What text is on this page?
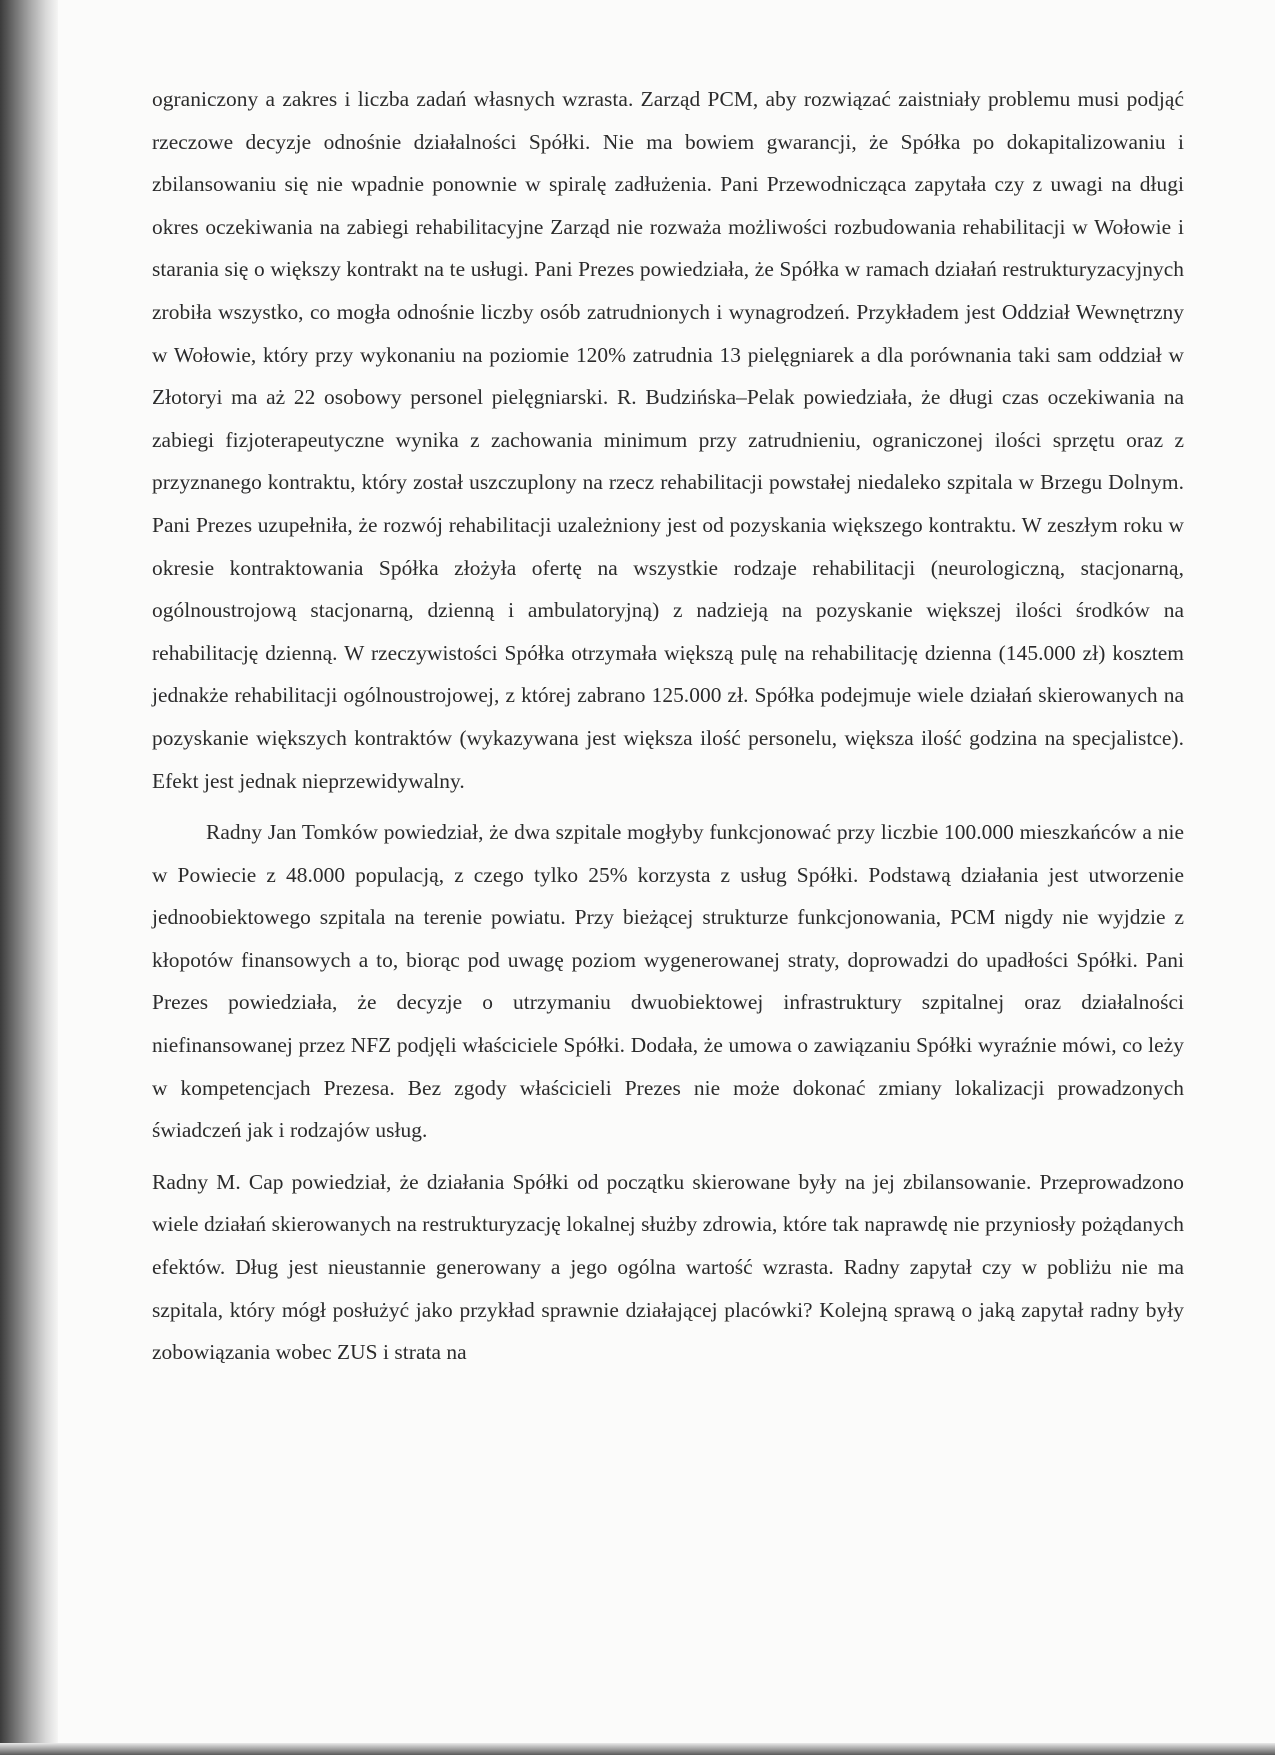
ograniczony a zakres i liczba zadań własnych wzrasta. Zarząd PCM, aby rozwiązać zaistniały problemu musi podjąć rzeczowe decyzje odnośnie działalności Spółki. Nie ma bowiem gwarancji, że Spółka po dokapitalizowaniu i zbilansowaniu się nie wpadnie ponownie w spiralę zadłużenia. Pani Przewodnicząca zapytała czy z uwagi na długi okres oczekiwania na zabiegi rehabilitacyjne Zarząd nie rozważa możliwości rozbudowania rehabilitacji w Wołowie i starania się o większy kontrakt na te usługi. Pani Prezes powiedziała, że Spółka w ramach działań restrukturyzacyjnych zrobiła wszystko, co mogła odnośnie liczby osób zatrudnionych i wynagrodzeń. Przykładem jest Oddział Wewnętrzny w Wołowie, który przy wykonaniu na poziomie 120% zatrudnia 13 pielęgniarek a dla porównania taki sam oddział w Złotoryi ma aż 22 osobowy personel pielęgniarski. R. Budzińska–Pelak powiedziała, że długi czas oczekiwania na zabiegi fizjoterapeutyczne wynika z zachowania minimum przy zatrudnieniu, ograniczonej ilości sprzętu oraz z przyznanego kontraktu, który został uszczuplony na rzecz rehabilitacji powstałej niedaleko szpitala w Brzegu Dolnym. Pani Prezes uzupełniła, że rozwój rehabilitacji uzależniony jest od pozyskania większego kontraktu. W zeszłym roku w okresie kontraktowania Spółka złożyła ofertę na wszystkie rodzaje rehabilitacji (neurologiczną, stacjonarną, ogólnoustrojową stacjonarną, dzienną i ambulatoryjną) z nadzieją na pozyskanie większej ilości środków na rehabilitację dzienną. W rzeczywistości Spółka otrzymała większą pulę na rehabilitację dzienna (145.000 zł) kosztem jednakże rehabilitacji ogólnoustrojowej, z której zabrano 125.000 zł. Spółka podejmuje wiele działań skierowanych na pozyskanie większych kontraktów (wykazywana jest większa ilość personelu, większa ilość godzina na specjalistce). Efekt jest jednak nieprzewidywalny.

Radny Jan Tomków powiedział, że dwa szpitale mogłyby funkcjonować przy liczbie 100.000 mieszkańców a nie w Powiecie z 48.000 populacją, z czego tylko 25% korzysta z usług Spółki. Podstawą działania jest utworzenie jednoobiektowego szpitala na terenie powiatu. Przy bieżącej strukturze funkcjonowania, PCM nigdy nie wyjdzie z kłopotów finansowych a to, biorąc pod uwagę poziom wygenerowanej straty, doprowadzi do upadłości Spółki. Pani Prezes powiedziała, że decyzje o utrzymaniu dwuobiektowej infrastruktury szpitalnej oraz działalności niefinansowanej przez NFZ podjęli właściciele Spółki. Dodała, że umowa o zawiązaniu Spółki wyraźnie mówi, co leży w kompetencjach Prezesa. Bez zgody właścicieli Prezes nie może dokonać zmiany lokalizacji prowadzonych świadczeń jak i rodzajów usług.

Radny M. Cap powiedział, że działania Spółki od początku skierowane były na jej zbilansowanie. Przeprowadzono wiele działań skierowanych na restrukturyzację lokalnej służby zdrowia, które tak naprawdę nie przyniosły pożądanych efektów. Dług jest nieustannie generowany a jego ogólna wartość wzrasta. Radny zapytał czy w pobliżu nie ma szpitala, który mógł posłużyć jako przykład sprawnie działającej placówki? Kolejną sprawą o jaką zapytał radny były zobowiązania wobec ZUS i strata na
